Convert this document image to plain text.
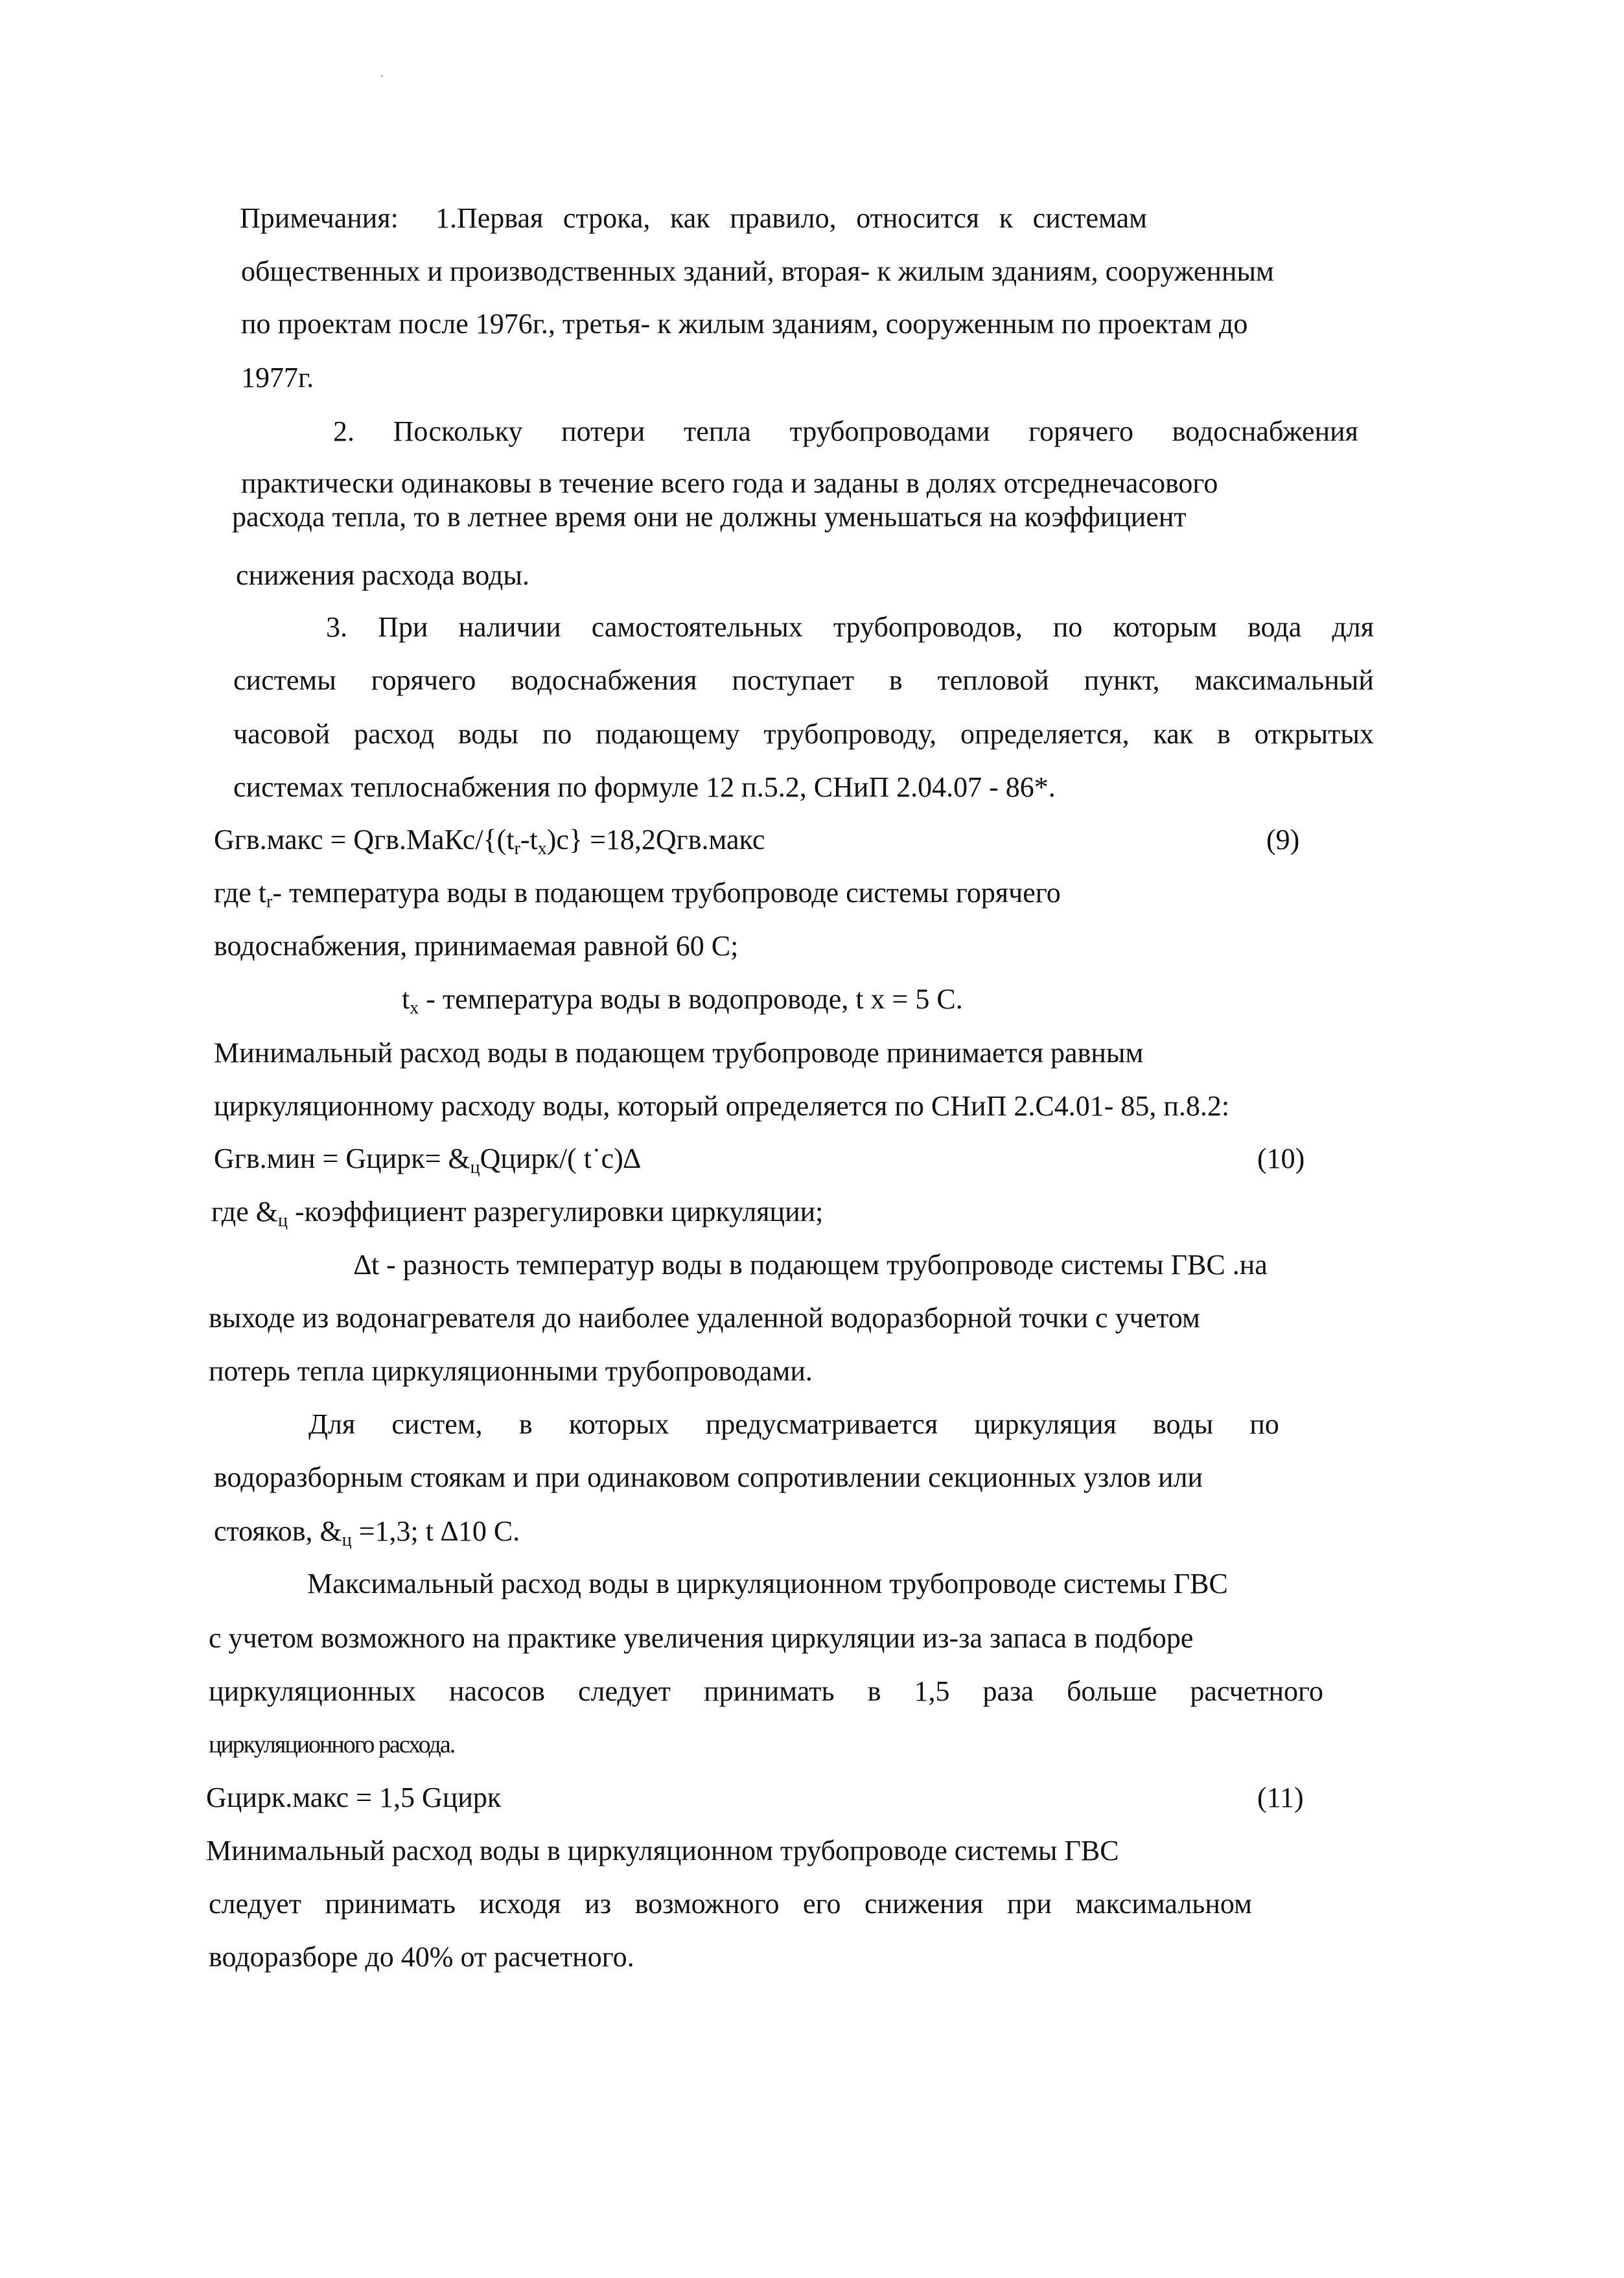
Примечания: 1.Первая строка, как правило, относится к системам
общественных и производственных зданий, вторая- к жилым зданиям, сооруженным
по проектам после 1976г., третья- к жилым зданиям, сооруженным по проектам до
1977г.
2. Поскольку потери тепла трубопроводами горячего водоснабжения
практически одинаковы в течение всего года и заданы в долях отсреднечасового
расхода тепла, то в летнее время они не должны уменьшаться на коэффициент
снижения расхода воды.
3. При наличии самостоятельных трубопроводов, по которым вода для
системы горячего водоснабжения поступает в тепловой пункт, максимальный
часовой расход воды по подающему трубопроводу, определяется, как в открытых
системах теплоснабжения по формуле 12 п.5.2, СНиП 2.04.07 - 86*.
Gгв.макс = $Qгв.МаКс/\{(t_r-t_x)c\}$ =18,2Qгв.макс	(9)
где $t_r-$ температура воды в подающем трубопроводе системы горячего
водоснабжения, принимаемая равной 60 С;
$t_x$ - температура воды в водопроводе, t x = 5 С.
Минимальный расход воды в подающем трубопроводе принимается равным
циркуляционному расходу воды, который определяется по СНиП 2.С4.01- 85, п.8.2:
Gгв.мин = Gцирк= $\&_цQцирк/$( t˙c)∆	(10)
где $\&_ц$ -коэффициент разрегулировки циркуляции;
∆t - разность температур воды в подающем трубопроводе системы ГВС .на
выходе из водонагревателя до наиболее удаленной водоразборной точки с учетом
потерь тепла циркуляционными трубопроводами.
Для систем, в которых предусматривается циркуляция воды по
водоразборным стоякам и при одинаковом сопротивлении секционных узлов или
стояков, $\&_ц =1,3$; t ∆10 С.
Максимальный расход воды в циркуляционном трубопроводе системы ГВС
с учетом возможного на практике увеличения циркуляции из-за запаса в подборе
циркуляционных насосов следует принимать в 1,5 раза больше расчетного
циркуляционного расхода.
Gцирк.макс = 1,5 Gцирк	(11)
Минимальный расход воды в циркуляционном трубопроводе системы ГВС
следует принимать исходя из возможного его снижения при максимальном
водоразборе до 40% от расчетного.
